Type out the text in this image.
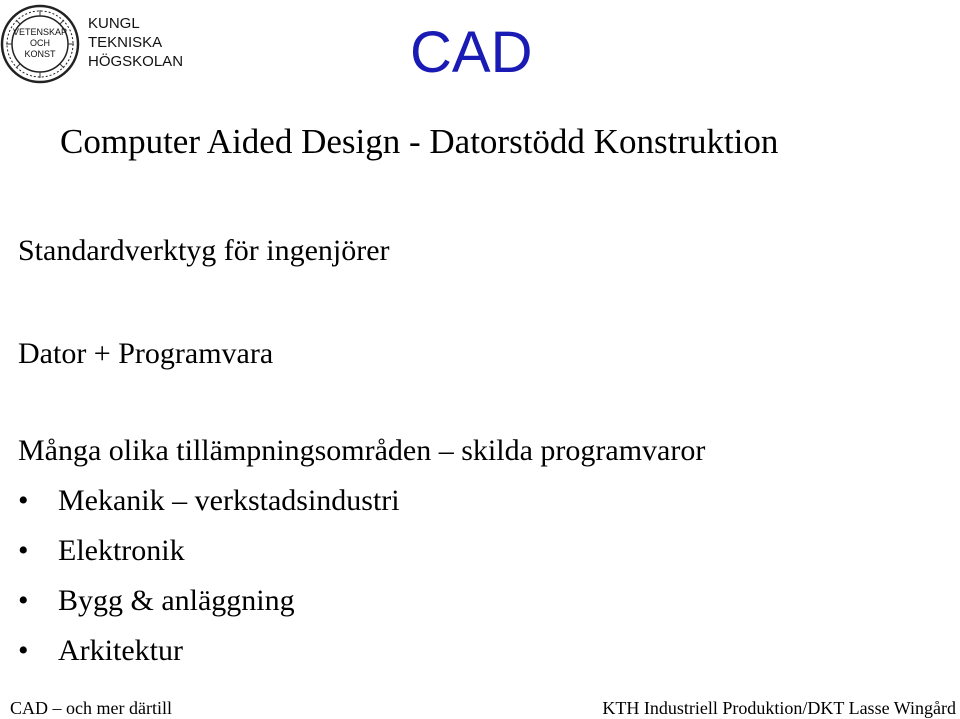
VETENSKAP
OCH
KONST
KUNGL
TEKNISKA
HÖGSKOLAN	CAD
Computer Aided Design - Datorstödd Konstruktion
Standardverktyg för ingenjörer
Dator + Programvara
Många olika tillämpningsområden – skilda programvaror
• Mekanik – verkstadsindustri
• Elektronik
• Bygg & anläggning
• Arkitektur
CAD – och mer därtill	KTH Industriell Produktion/DKT Lasse Wingård
